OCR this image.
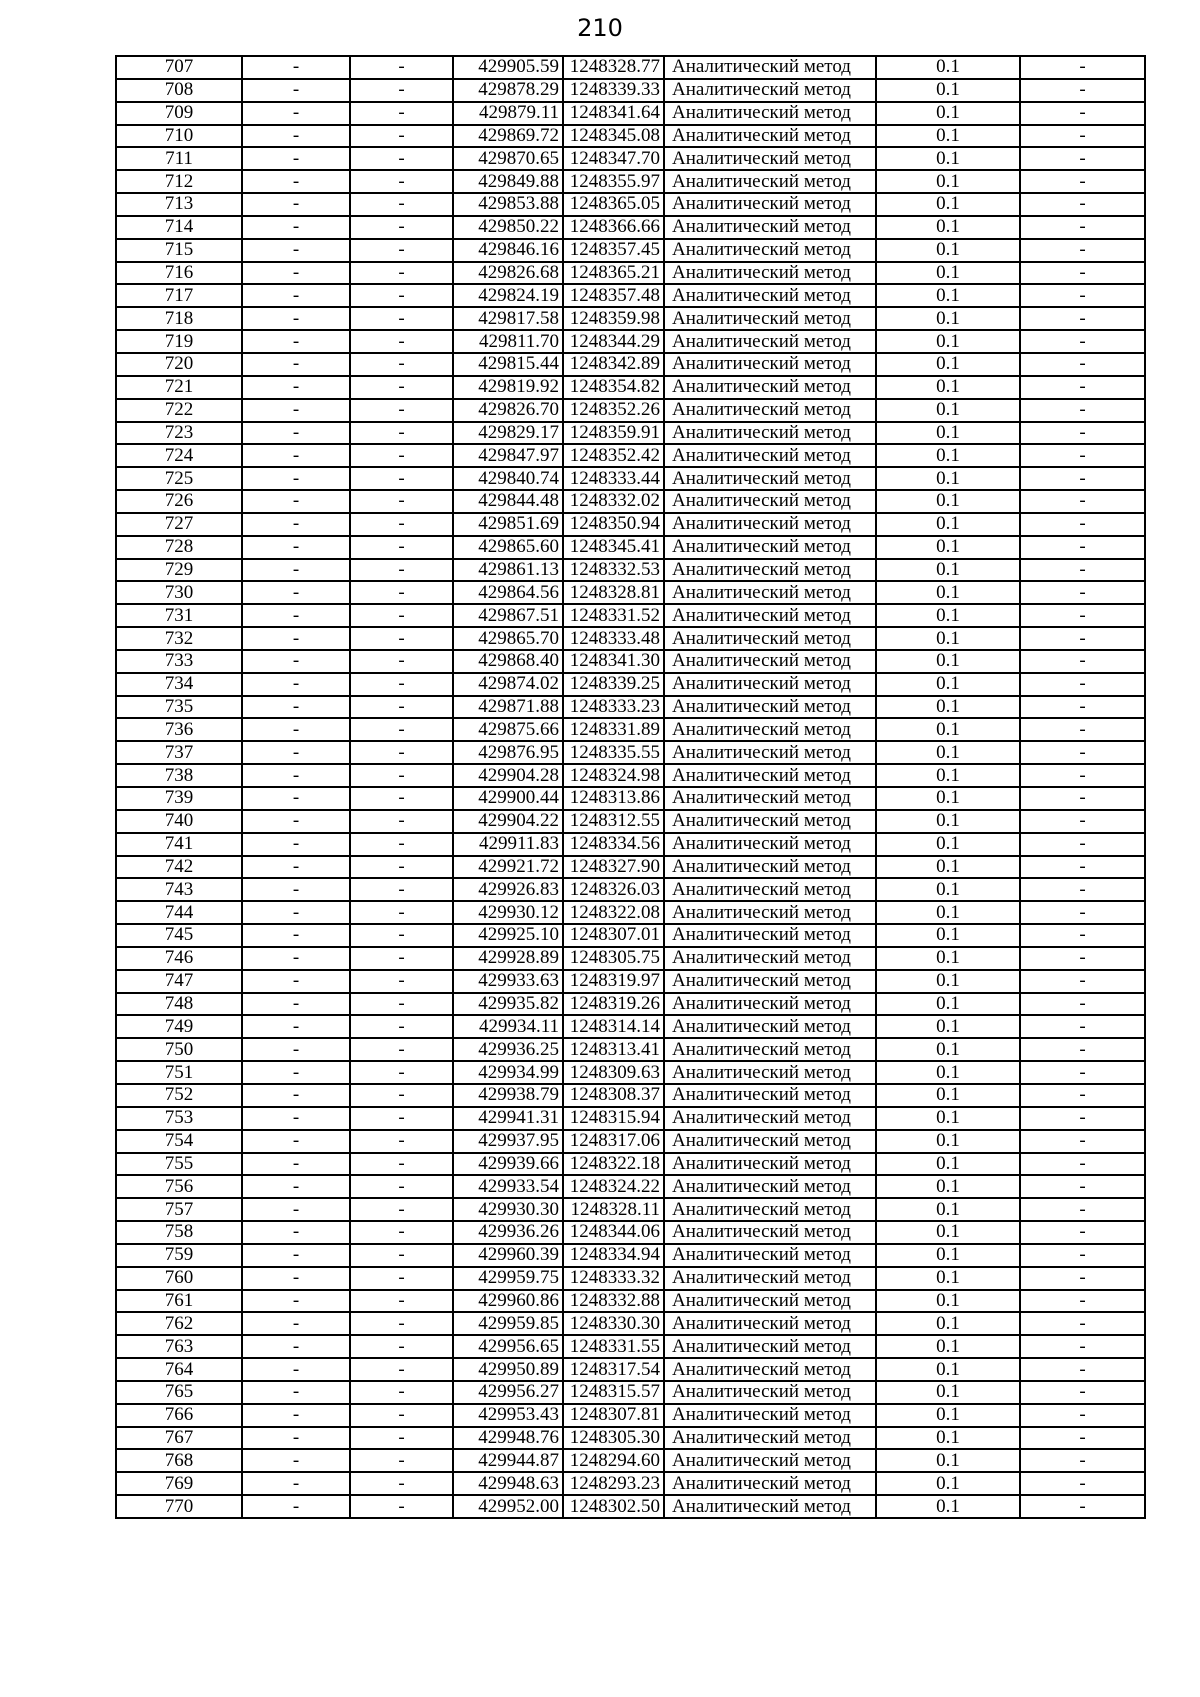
210
707	-	-	429905.59	1248328.77	Аналитический метод	0.1	-
708	-	-	429878.29	1248339.33	Аналитический метод	0.1	-
709	-	-	429879.11	1248341.64	Аналитический метод	0.1	-
710	-	-	429869.72	1248345.08	Аналитический метод	0.1	-
711	-	-	429870.65	1248347.70	Аналитический метод	0.1	-
712	-	-	429849.88	1248355.97	Аналитический метод	0.1	-
713	-	-	429853.88	1248365.05	Аналитический метод	0.1	-
714	-	-	429850.22	1248366.66	Аналитический метод	0.1	-
715	-	-	429846.16	1248357.45	Аналитический метод	0.1	-
716	-	-	429826.68	1248365.21	Аналитический метод	0.1	-
717	-	-	429824.19	1248357.48	Аналитический метод	0.1	-
718	-	-	429817.58	1248359.98	Аналитический метод	0.1	-
719	-	-	429811.70	1248344.29	Аналитический метод	0.1	-
720	-	-	429815.44	1248342.89	Аналитический метод	0.1	-
721	-	-	429819.92	1248354.82	Аналитический метод	0.1	-
722	-	-	429826.70	1248352.26	Аналитический метод	0.1	-
723	-	-	429829.17	1248359.91	Аналитический метод	0.1	-
724	-	-	429847.97	1248352.42	Аналитический метод	0.1	-
725	-	-	429840.74	1248333.44	Аналитический метод	0.1	-
726	-	-	429844.48	1248332.02	Аналитический метод	0.1	-
727	-	-	429851.69	1248350.94	Аналитический метод	0.1	-
728	-	-	429865.60	1248345.41	Аналитический метод	0.1	-
729	-	-	429861.13	1248332.53	Аналитический метод	0.1	-
730	-	-	429864.56	1248328.81	Аналитический метод	0.1	-
731	-	-	429867.51	1248331.52	Аналитический метод	0.1	-
732	-	-	429865.70	1248333.48	Аналитический метод	0.1	-
733	-	-	429868.40	1248341.30	Аналитический метод	0.1	-
734	-	-	429874.02	1248339.25	Аналитический метод	0.1	-
735	-	-	429871.88	1248333.23	Аналитический метод	0.1	-
736	-	-	429875.66	1248331.89	Аналитический метод	0.1	-
737	-	-	429876.95	1248335.55	Аналитический метод	0.1	-
738	-	-	429904.28	1248324.98	Аналитический метод	0.1	-
739	-	-	429900.44	1248313.86	Аналитический метод	0.1	-
740	-	-	429904.22	1248312.55	Аналитический метод	0.1	-
741	-	-	429911.83	1248334.56	Аналитический метод	0.1	-
742	-	-	429921.72	1248327.90	Аналитический метод	0.1	-
743	-	-	429926.83	1248326.03	Аналитический метод	0.1	-
744	-	-	429930.12	1248322.08	Аналитический метод	0.1	-
745	-	-	429925.10	1248307.01	Аналитический метод	0.1	-
746	-	-	429928.89	1248305.75	Аналитический метод	0.1	-
747	-	-	429933.63	1248319.97	Аналитический метод	0.1	-
748	-	-	429935.82	1248319.26	Аналитический метод	0.1	-
749	-	-	429934.11	1248314.14	Аналитический метод	0.1	-
750	-	-	429936.25	1248313.41	Аналитический метод	0.1	-
751	-	-	429934.99	1248309.63	Аналитический метод	0.1	-
752	-	-	429938.79	1248308.37	Аналитический метод	0.1	-
753	-	-	429941.31	1248315.94	Аналитический метод	0.1	-
754	-	-	429937.95	1248317.06	Аналитический метод	0.1	-
755	-	-	429939.66	1248322.18	Аналитический метод	0.1	-
756	-	-	429933.54	1248324.22	Аналитический метод	0.1	-
757	-	-	429930.30	1248328.11	Аналитический метод	0.1	-
758	-	-	429936.26	1248344.06	Аналитический метод	0.1	-
759	-	-	429960.39	1248334.94	Аналитический метод	0.1	-
760	-	-	429959.75	1248333.32	Аналитический метод	0.1	-
761	-	-	429960.86	1248332.88	Аналитический метод	0.1	-
762	-	-	429959.85	1248330.30	Аналитический метод	0.1	-
763	-	-	429956.65	1248331.55	Аналитический метод	0.1	-
764	-	-	429950.89	1248317.54	Аналитический метод	0.1	-
765	-	-	429956.27	1248315.57	Аналитический метод	0.1	-
766	-	-	429953.43	1248307.81	Аналитический метод	0.1	-
767	-	-	429948.76	1248305.30	Аналитический метод	0.1	-
768	-	-	429944.87	1248294.60	Аналитический метод	0.1	-
769	-	-	429948.63	1248293.23	Аналитический метод	0.1	-
770	-	-	429952.00	1248302.50	Аналитический метод	0.1	-
